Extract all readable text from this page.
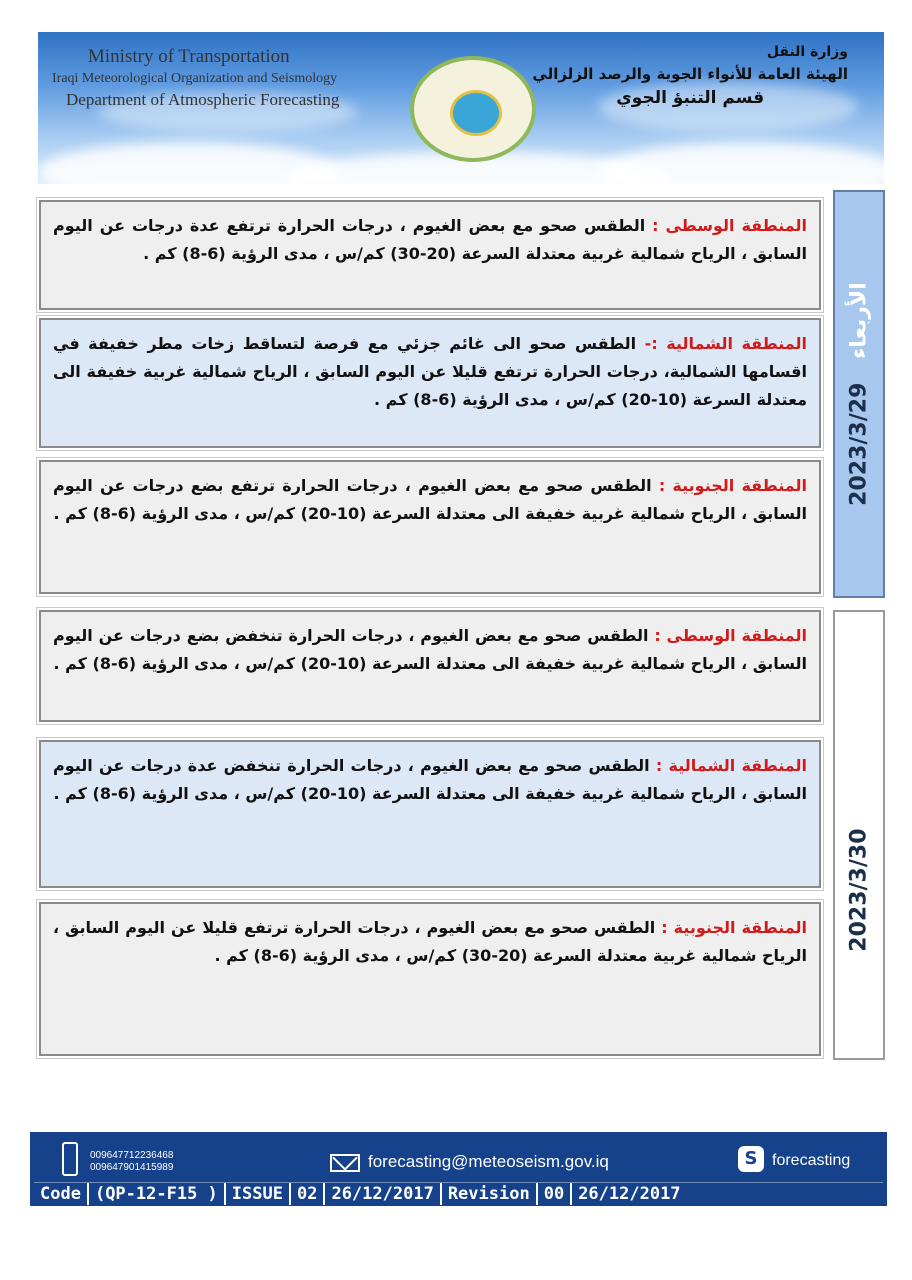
Ministry of Transportation
Iraqi Meteorological Organization and Seismology
Department of Atmospheric Forecasting
وزارة النقل
الهيئة العامة للأنواء الجوية والرصد الزلزالي
قسم التنبؤ الجوي
الأربعاء 2023/3/29
المنطقة الوسطى : الطقس صحو مع بعض الغيوم ، درجات الحرارة ترتفع عدة درجات عن اليوم السابق ، الرياح شمالية غربية معتدلة السرعة (20-30) كم/س ، مدى الرؤية (6-8) كم .
المنطقة الشمالية :- الطقس صحو الى غائم جزئي مع فرصة لتساقط زخات مطر خفيفة في اقسامها الشمالية، درجات الحرارة ترتفع قليلا عن اليوم السابق ، الرياح شمالية غربية خفيفة الى معتدلة السرعة (10-20) كم/س ، مدى الرؤية (6-8) كم .
المنطقة الجنوبية : الطقس صحو مع بعض الغيوم ، درجات الحرارة ترتفع بضع درجات عن اليوم السابق ، الرياح شمالية غربية خفيفة الى معتدلة السرعة (10-20) كم/س ، مدى الرؤية (6-8) كم .
الخميس 2023/3/30
المنطقة الوسطى : الطقس صحو مع بعض الغيوم ، درجات الحرارة تنخفض بضع درجات عن اليوم السابق ، الرياح شمالية غربية خفيفة الى معتدلة السرعة (10-20) كم/س ، مدى الرؤية (6-8) كم .
المنطقة الشمالية : الطقس صحو مع بعض الغيوم ، درجات الحرارة تنخفض عدة درجات عن اليوم السابق ، الرياح شمالية غربية خفيفة الى معتدلة السرعة (10-20) كم/س ، مدى الرؤية (6-8) كم .
المنطقة الجنوبية : الطقس صحو مع بعض الغيوم ، درجات الحرارة ترتفع قليلا عن اليوم السابق ، الرياح شمالية غربية معتدلة السرعة (20-30) كم/س ، مدى الرؤية (6-8) كم .
009647712236468
009647901415989	forecasting@meteoseism.gov.iq	S forecasting
Code (QP-12-F15 ) ISSUE 02 26/12/2017 Revision 00 26/12/2017
